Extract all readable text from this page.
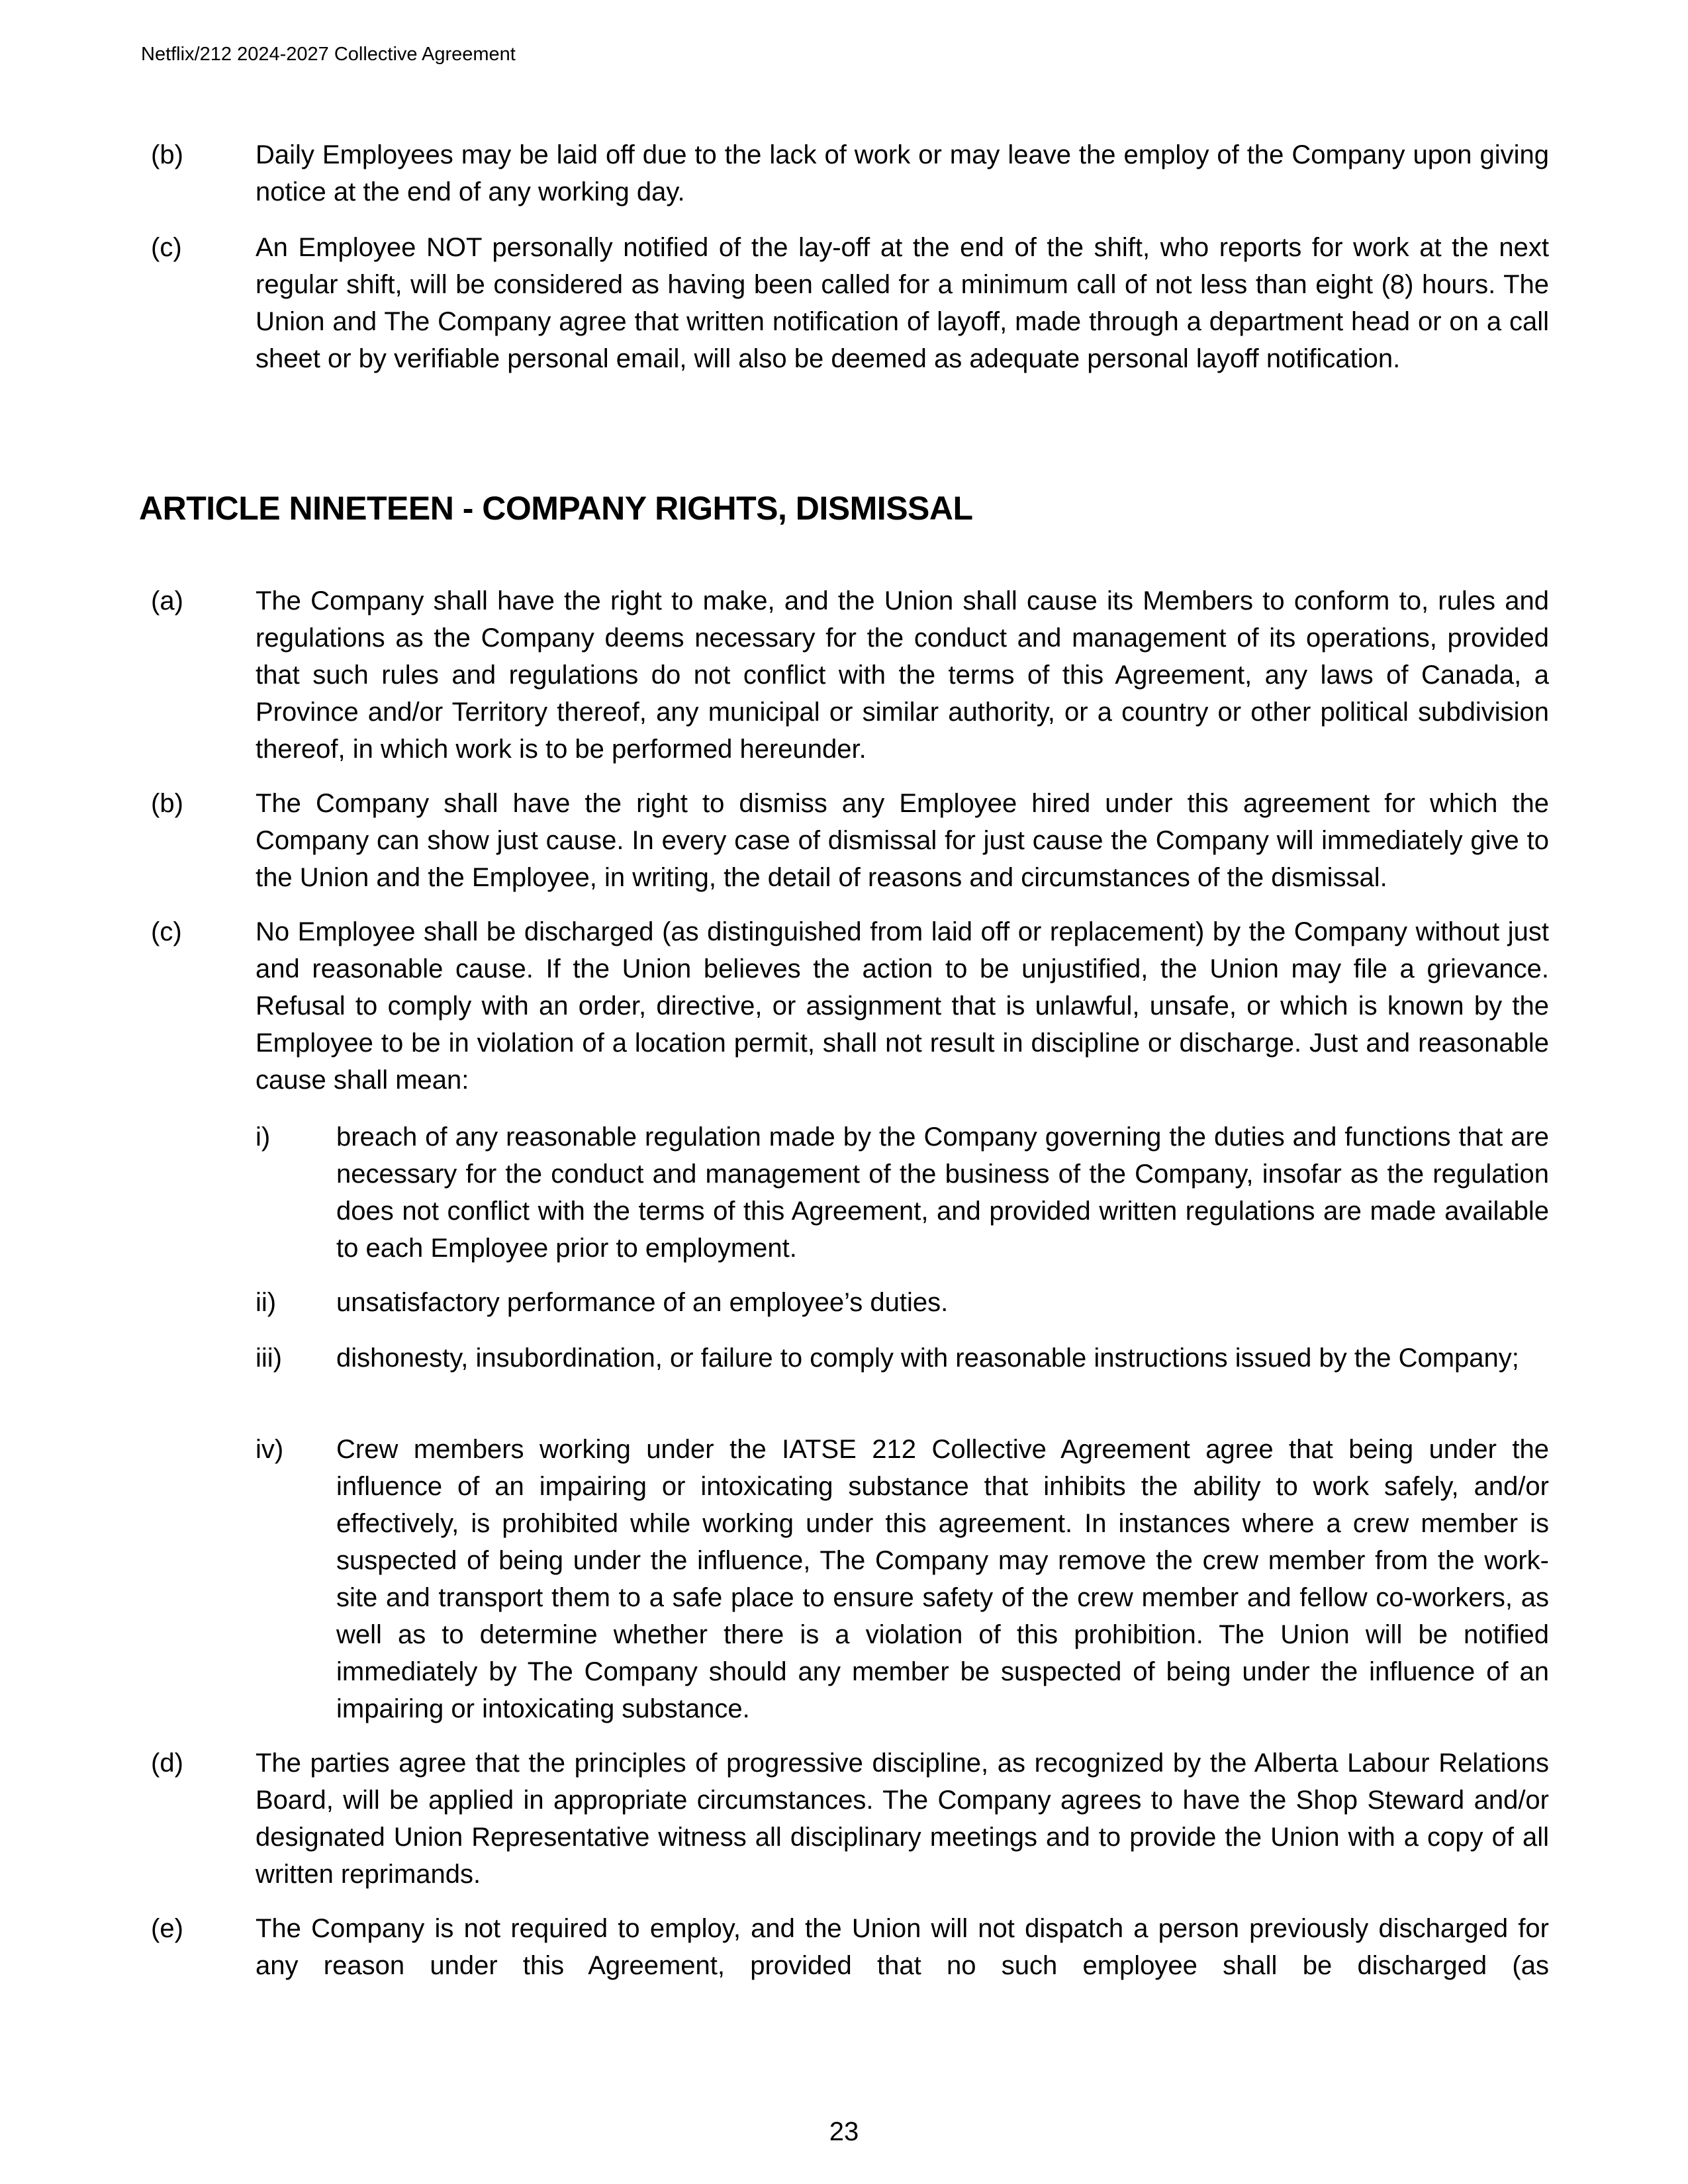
Netflix/212 2024-2027 Collective Agreement
(b)	Daily Employees may be laid off due to the lack of work or may leave the employ of the Company upon giving notice at the end of any working day.
(c)	An Employee NOT personally notified of the lay-off at the end of the shift, who reports for work at the next regular shift, will be considered as having been called for a minimum call of not less than eight (8) hours. The Union and The Company agree that written notification of layoff, made through a department head or on a call sheet or by verifiable personal email, will also be deemed as adequate personal layoff notification.
ARTICLE NINETEEN - COMPANY RIGHTS, DISMISSAL
(a)	The Company shall have the right to make, and the Union shall cause its Members to conform to, rules and regulations as the Company deems necessary for the conduct and management of its operations, provided that such rules and regulations do not conflict with the terms of this Agreement, any laws of Canada, a Province and/or Territory thereof, any municipal or similar authority, or a country or other political subdivision thereof, in which work is to be performed hereunder.
(b)	The Company shall have the right to dismiss any Employee hired under this agreement for which the Company can show just cause. In every case of dismissal for just cause the Company will immediately give to the Union and the Employee, in writing, the detail of reasons and circumstances of the dismissal.
(c)	No Employee shall be discharged (as distinguished from laid off or replacement) by the Company without just and reasonable cause. If the Union believes the action to be unjustified, the Union may file a grievance. Refusal to comply with an order, directive, or assignment that is unlawful, unsafe, or which is known by the Employee to be in violation of a location permit, shall not result in discipline or discharge. Just and reasonable cause shall mean:
i) breach of any reasonable regulation made by the Company governing the duties and functions that are necessary for the conduct and management of the business of the Company, insofar as the regulation does not conflict with the terms of this Agreement, and provided written regulations are made available to each Employee prior to employment.
ii) unsatisfactory performance of an employee’s duties.
iii) dishonesty, insubordination, or failure to comply with reasonable instructions issued by the Company;
iv) Crew members working under the IATSE 212 Collective Agreement agree that being under the influence of an impairing or intoxicating substance that inhibits the ability to work safely, and/or effectively, is prohibited while working under this agreement. In instances where a crew member is suspected of being under the influence, The Company may remove the crew member from the work-site and transport them to a safe place to ensure safety of the crew member and fellow co-workers, as well as to determine whether there is a violation of this prohibition. The Union will be notified immediately by The Company should any member be suspected of being under the influence of an impairing or intoxicating substance.
(d)	The parties agree that the principles of progressive discipline, as recognized by the Alberta Labour Relations Board, will be applied in appropriate circumstances. The Company agrees to have the Shop Steward and/or designated Union Representative witness all disciplinary meetings and to provide the Union with a copy of all written reprimands.
(e)	The Company is not required to employ, and the Union will not dispatch a person previously discharged for any reason under this Agreement, provided that no such employee shall be discharged (as
23
